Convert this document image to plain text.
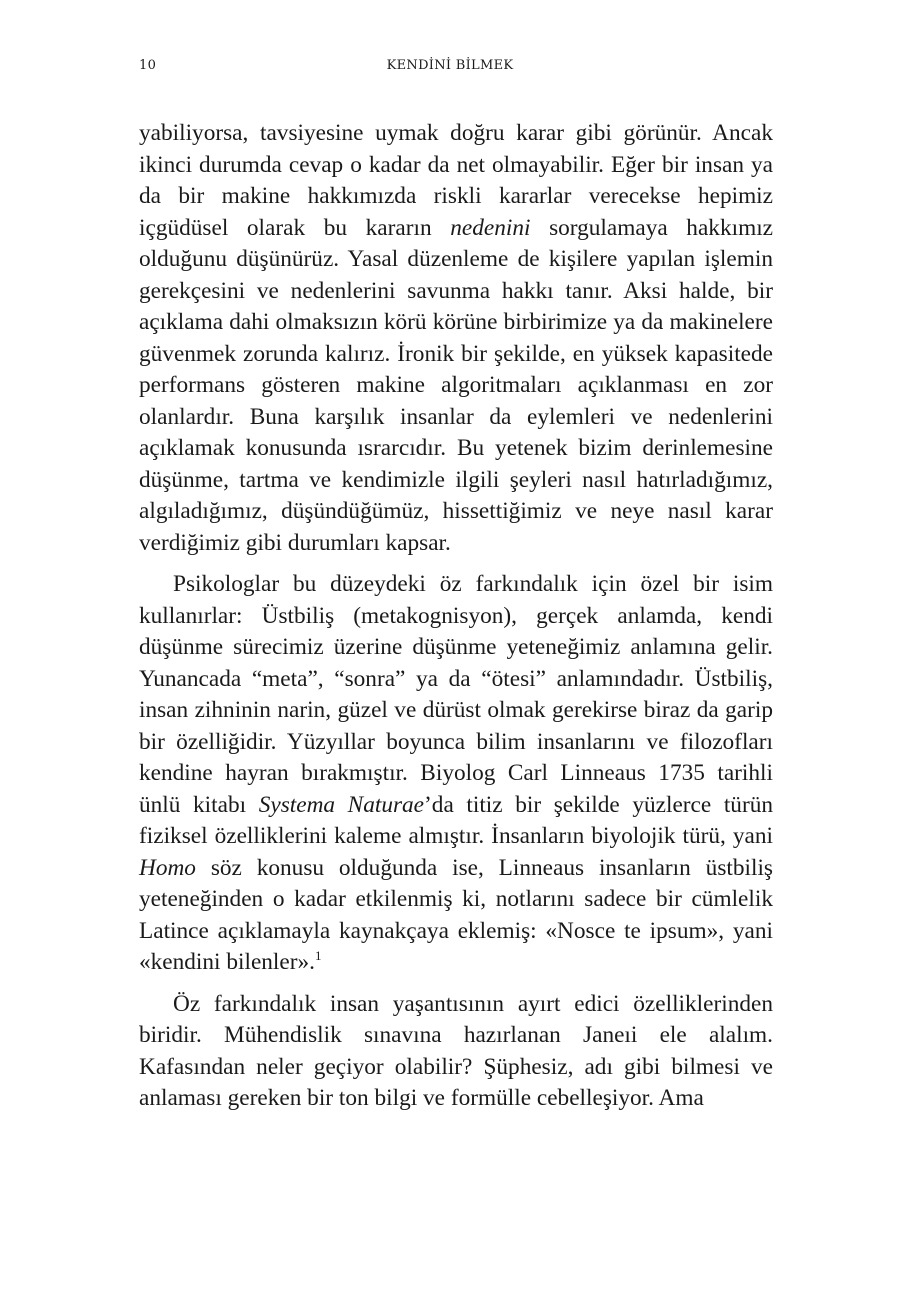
10	KENDİNİ BİLMEK

yabiliyorsa, tavsiyesine uymak doğru karar gibi görünür. Ancak ikinci durumda cevap o kadar da net olmayabilir. Eğer bir insan ya da bir makine hakkımızda riskli kararlar verecekse hepimiz içgüdüsel olarak bu kararın nedenini sorgulamaya hakkımız olduğunu düşünürüz. Yasal düzenleme de kişilere yapılan işlemin gerekçesini ve nedenlerini savunma hakkı tanır. Aksi halde, bir açıklama dahi olmaksızın körü körüne birbirimize ya da makinelere güvenmek zorunda kalırız. İronik bir şekilde, en yüksek kapasitede performans gösteren makine algoritmaları açıklanması en zor olanlardır. Buna karşılık insanlar da eylemleri ve nedenlerini açıklamak konusunda ısrarcıdır. Bu yetenek bizim derinlemesine düşünme, tartma ve kendimizle ilgili şeyleri nasıl hatırladığımız, algıladığımız, düşündüğümüz, hissettiğimiz ve neye nasıl karar verdiğimiz gibi durumları kapsar.

Psikologlar bu düzeydeki öz farkındalık için özel bir isim kullanırlar: Üstbiliş (metakognisyon), gerçek anlamda, kendi düşünme sürecimiz üzerine düşünme yeteneğimiz anlamına gelir. Yunancada “meta”, “sonra” ya da “ötesi” anlamındadır. Üstbiliş, insan zihninin narin, güzel ve dürüst olmak gerekirse biraz da garip bir özelliğidir. Yüzyıllar boyunca bilim insanlarını ve filozofları kendine hayran bırakmıştır. Biyolog Carl Linneaus 1735 tarihli ünlü kitabı Systema Naturae’da titiz bir şekilde yüzlerce türün fiziksel özelliklerini kaleme almıştır. İnsanların biyolojik türü, yani Homo söz konusu olduğunda ise, Linneaus insanların üstbiliş yeteneğinden o kadar etkilenmiş ki, notlarını sadece bir cümlelik Latince açıklamayla kaynakçaya eklemiş: «Nosce te ipsum», yani «kendini bilenler».$^1$

Öz farkındalık insan yaşantısının ayırt edici özelliklerinden biridir. Mühendislik sınavına hazırlanan Janeıi ele alalım. Kafasından neler geçiyor olabilir? Şüphesiz, adı gibi bilmesi ve anlaması gereken bir ton bilgi ve formülle cebelleşiyor. Ama
